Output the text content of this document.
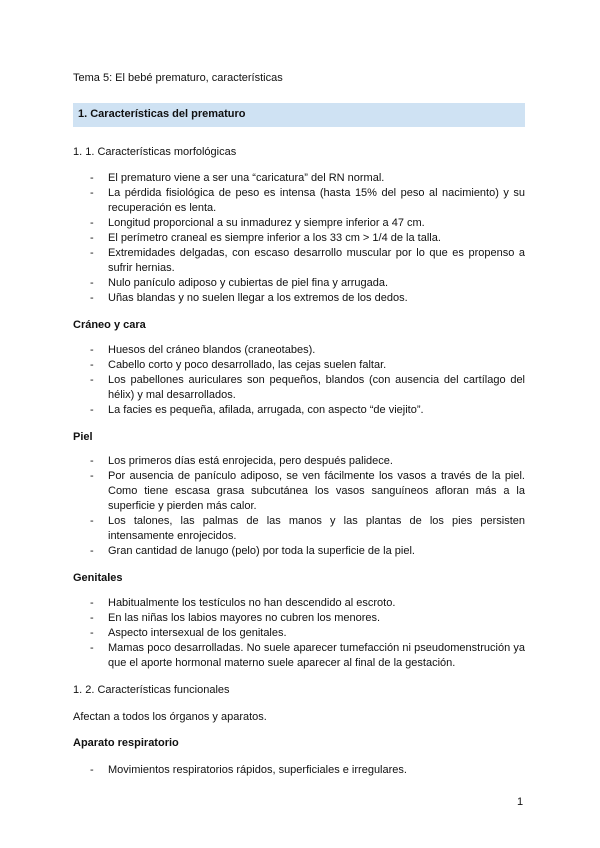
Tema 5: El bebé prematuro, características
1. Características del prematuro
1. 1. Características morfológicas
- El prematuro viene a ser una “caricatura” del RN normal.
- La pérdida fisiológica de peso es intensa (hasta 15% del peso al nacimiento) y su recuperación es lenta.
- Longitud proporcional a su inmadurez y siempre inferior a 47 cm.
- El perímetro craneal es siempre inferior a los 33 cm > 1/4 de la talla.
- Extremidades delgadas, con escaso desarrollo muscular por lo que es propenso a sufrir hernias.
- Nulo panículo adiposo y cubiertas de piel fina y arrugada.
- Uñas blandas y no suelen llegar a los extremos de los dedos.
Cráneo y cara
- Huesos del cráneo blandos (craneotabes).
- Cabello corto y poco desarrollado, las cejas suelen faltar.
- Los pabellones auriculares son pequeños, blandos (con ausencia del cartílago del hélix) y mal desarrollados.
- La facies es pequeña, afilada, arrugada, con aspecto “de viejito”.
Piel
- Los primeros días está enrojecida, pero después palidece.
- Por ausencia de panículo adiposo, se ven fácilmente los vasos a través de la piel. Como tiene escasa grasa subcutánea los vasos sanguíneos afloran más a la superficie y pierden más calor.
- Los talones, las palmas de las manos y las plantas de los pies persisten intensamente enrojecidos.
- Gran cantidad de lanugo (pelo) por toda la superficie de la piel.
Genitales
- Habitualmente los testículos no han descendido al escroto.
- En las niñas los labios mayores no cubren los menores.
- Aspecto intersexual de los genitales.
- Mamas poco desarrolladas. No suele aparecer tumefacción ni pseudomenstrución ya que el aporte hormonal materno suele aparecer al final de la gestación.
1. 2. Características funcionales
Afectan a todos los órganos y aparatos.
Aparato respiratorio
- Movimientos respiratorios rápidos, superficiales e irregulares.
1
